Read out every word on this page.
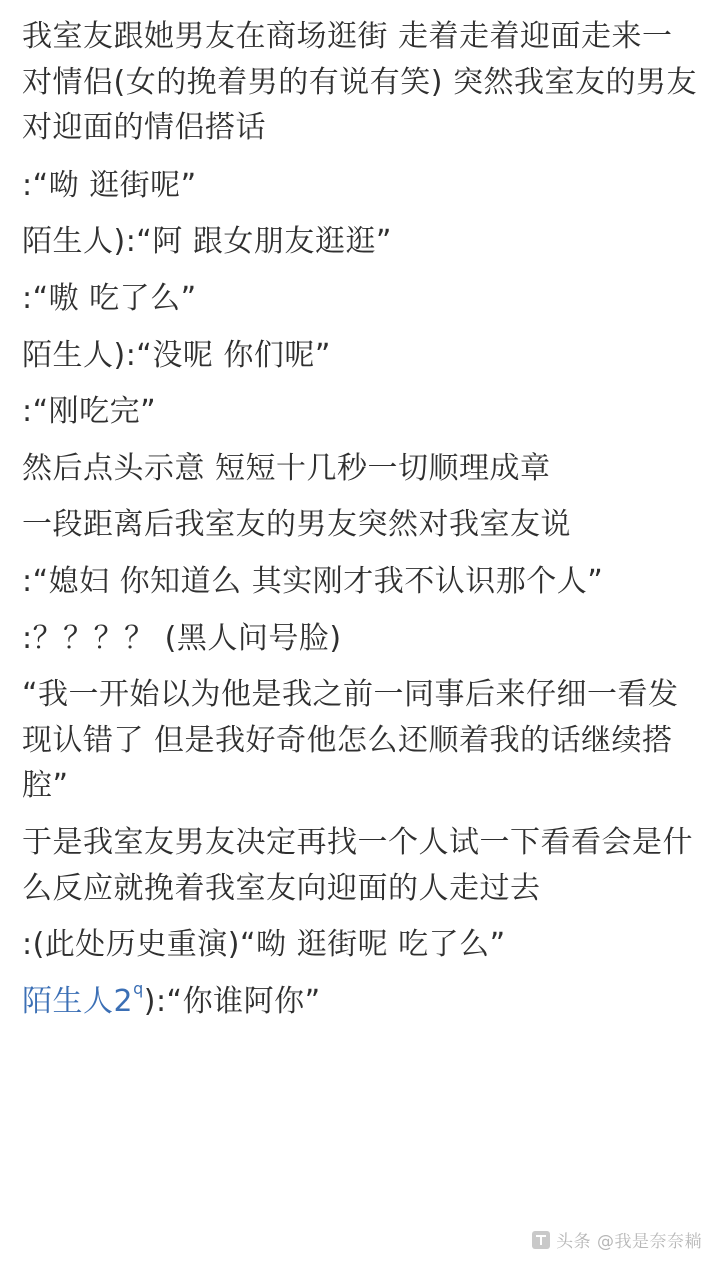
我室友跟她男友在商场逛街 走着走着迎面走来一对情侣(女的挽着男的有说有笑) 突然我室友的男友对迎面的情侣搭话

:“呦 逛街呢”

陌生人):“阿 跟女朋友逛逛”

:“嗷 吃了么”

陌生人):“没呢 你们呢”

:“刚吃完”

然后点头示意 短短十几秒一切顺理成章

一段距离后我室友的男友突然对我室友说

:“媳妇 你知道么 其实刚才我不认识那个人”

:？？？？ (黑人问号脸)

“我一开始以为他是我之前一同事后来仔细一看发现认错了 但是我好奇他怎么还顺着我的话继续搭腔”

于是我室友男友决定再找一个人试一下看看会是什么反应就挽着我室友向迎面的人走过去

:(此处历史重演)“呦 逛街呢 吃了么”

陌生人2 q ):“你谁阿你”
头条 @我是奈奈耥
